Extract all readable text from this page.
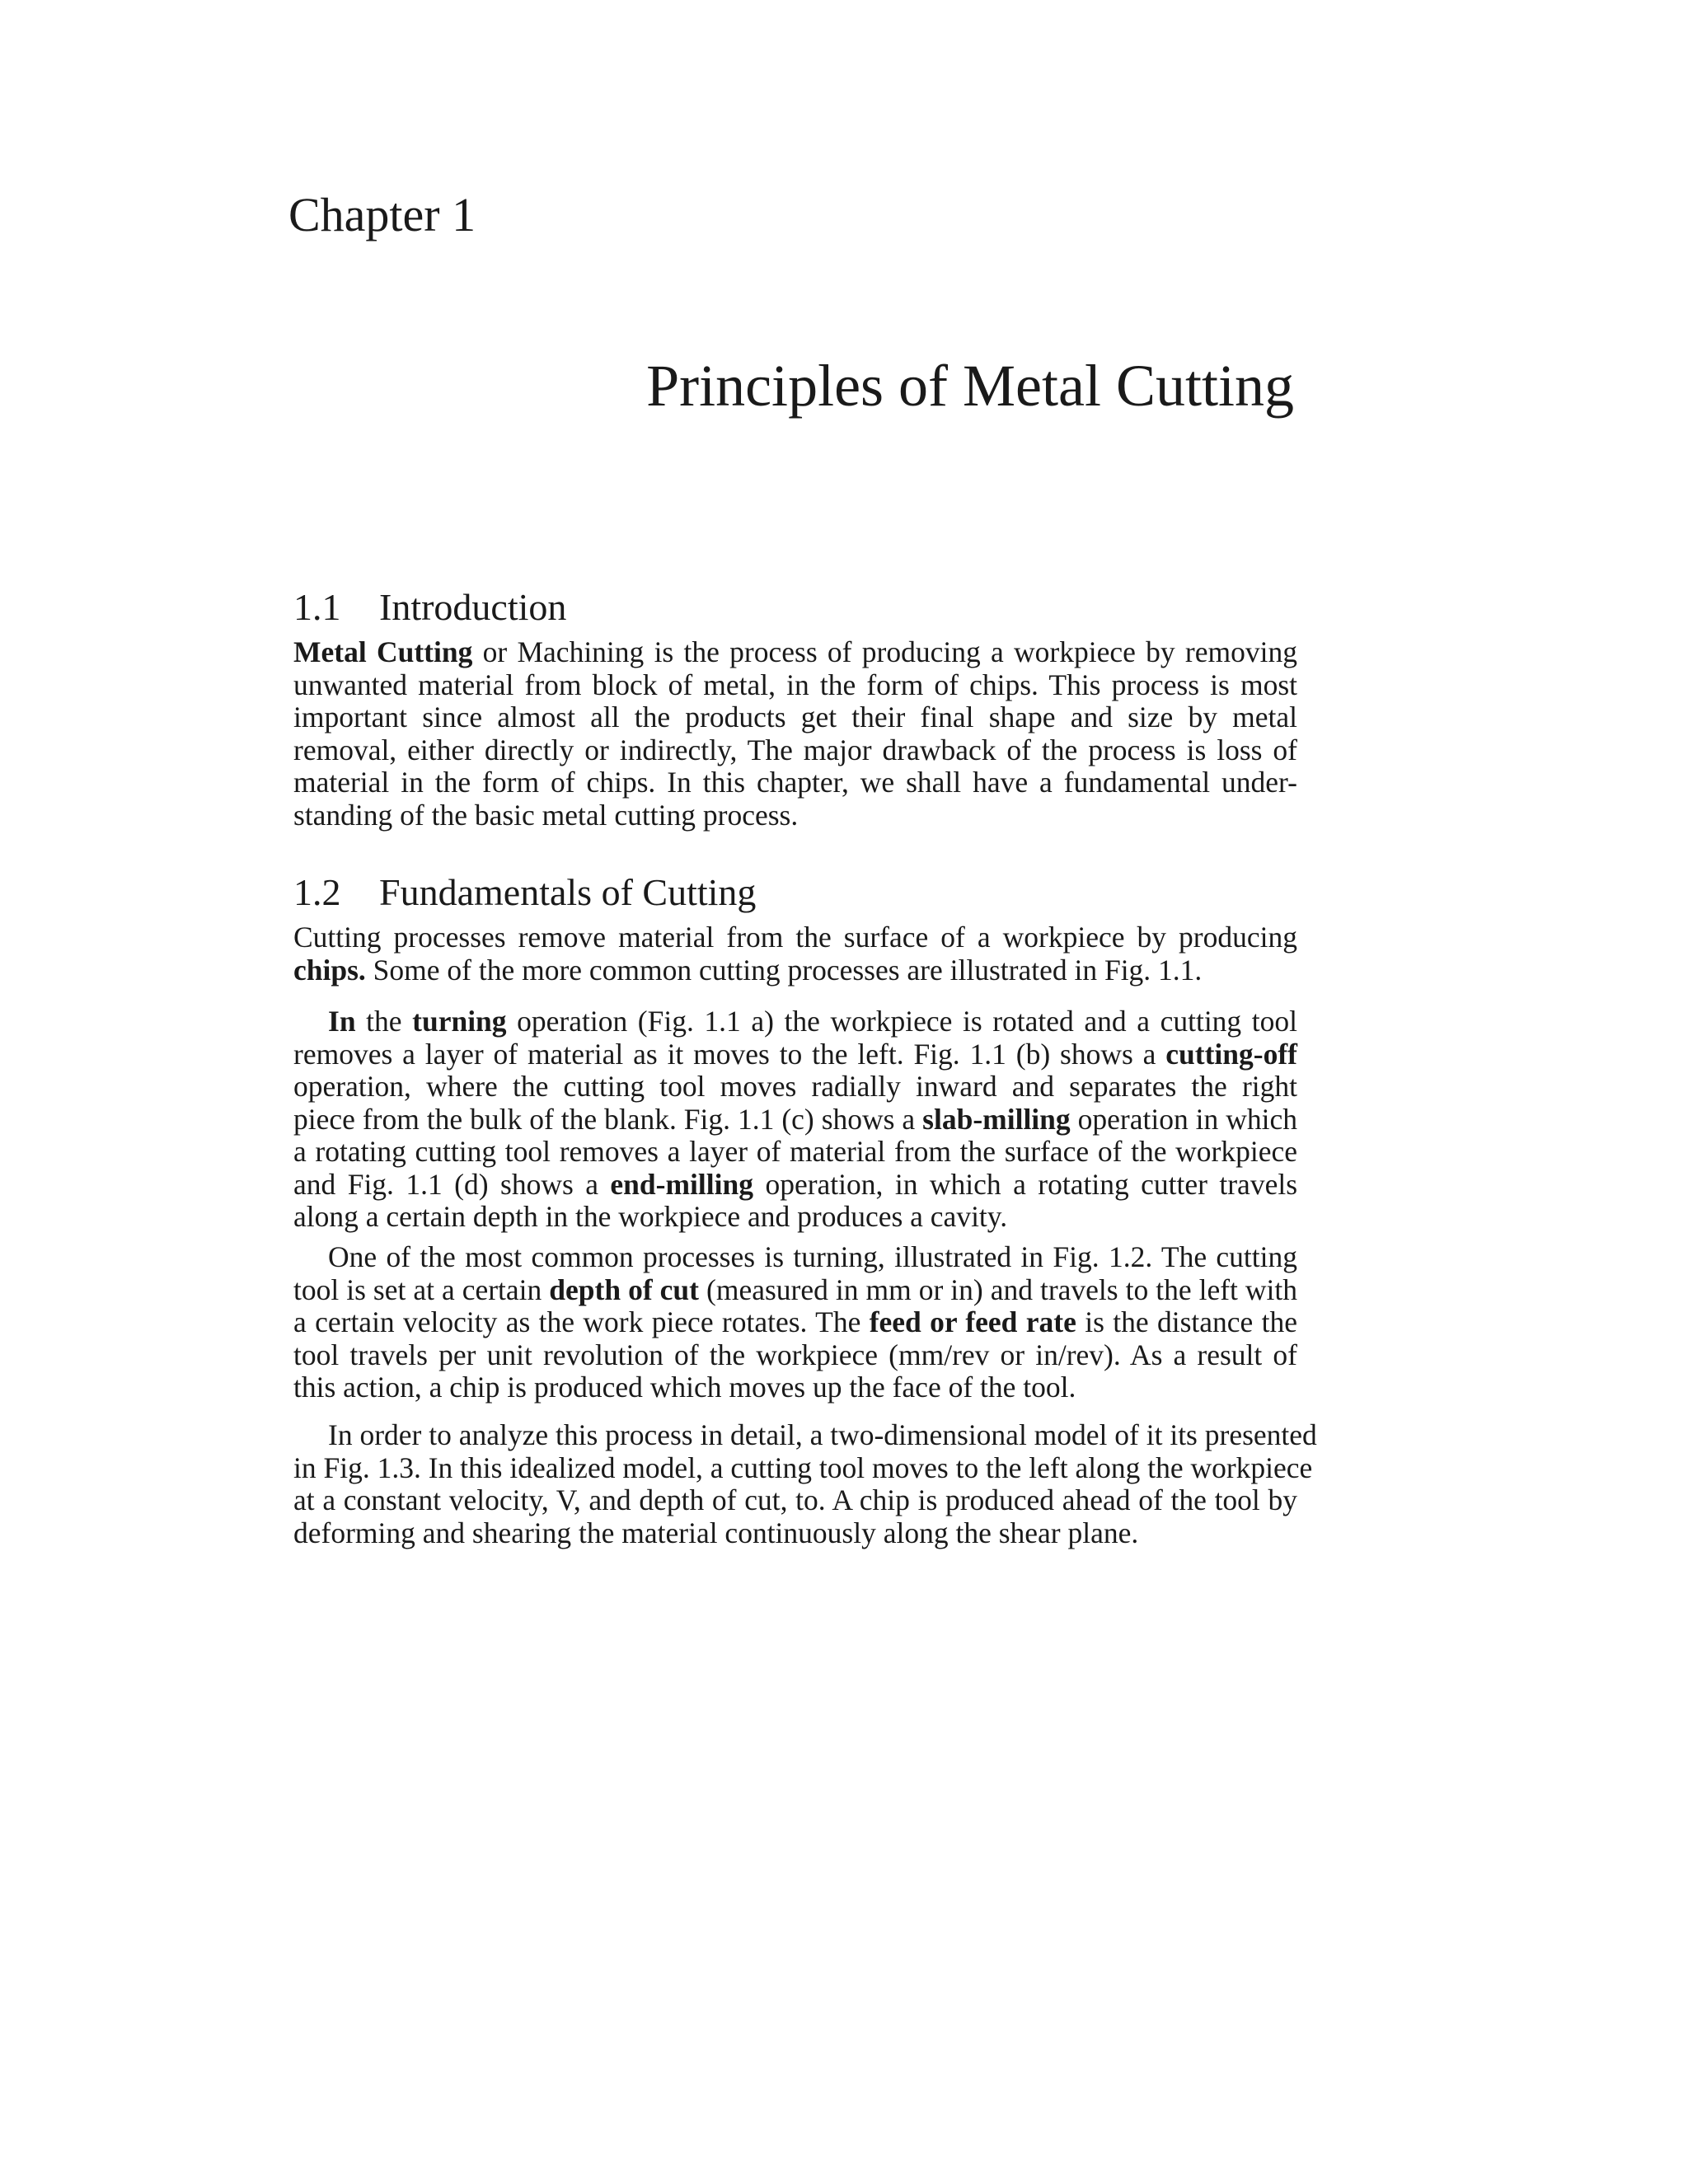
Chapter 1
Principles of Metal Cutting
1.1 Introduction
Metal Cutting or Machining is the process of producing a workpiece by removing
unwanted material from block of metal, in the form of chips. This process is most
important since almost all the products get their final shape and size by metal
removal, either directly or indirectly, The major drawback of the process is loss of
material in the form of chips. In this chapter, we shall have a fundamental under-
standing of the basic metal cutting process.
1.2 Fundamentals of Cutting
Cutting processes remove material from the surface of a workpiece by producing
chips. Some of the more common cutting processes are illustrated in Fig. 1.1.
In the turning operation (Fig. 1.1 a) the workpiece is rotated and a cutting tool
removes a layer of material as it moves to the left. Fig. 1.1 (b) shows a cutting-off
operation, where the cutting tool moves radially inward and separates the right
piece from the bulk of the blank. Fig. 1.1 (c) shows a slab-milling operation in which
a rotating cutting tool removes a layer of material from the surface of the workpiece
and Fig. 1.1 (d) shows a end-milling operation, in which a rotating cutter travels
along a certain depth in the workpiece and produces a cavity.
One of the most common processes is turning, illustrated in Fig. 1.2. The cutting
tool is set at a certain depth of cut (measured in mm or in) and travels to the left with
a certain velocity as the work piece rotates. The feed or feed rate is the distance the
tool travels per unit revolution of the workpiece (mm/rev or in/rev). As a result of
this action, a chip is produced which moves up the face of the tool.
In order to analyze this process in detail, a two-dimensional model of it its presented
in Fig. 1.3. In this idealized model, a cutting tool moves to the left along the workpiece
at a constant velocity, V, and depth of cut, to. A chip is produced ahead of the tool by
deforming and shearing the material continuously along the shear plane.
